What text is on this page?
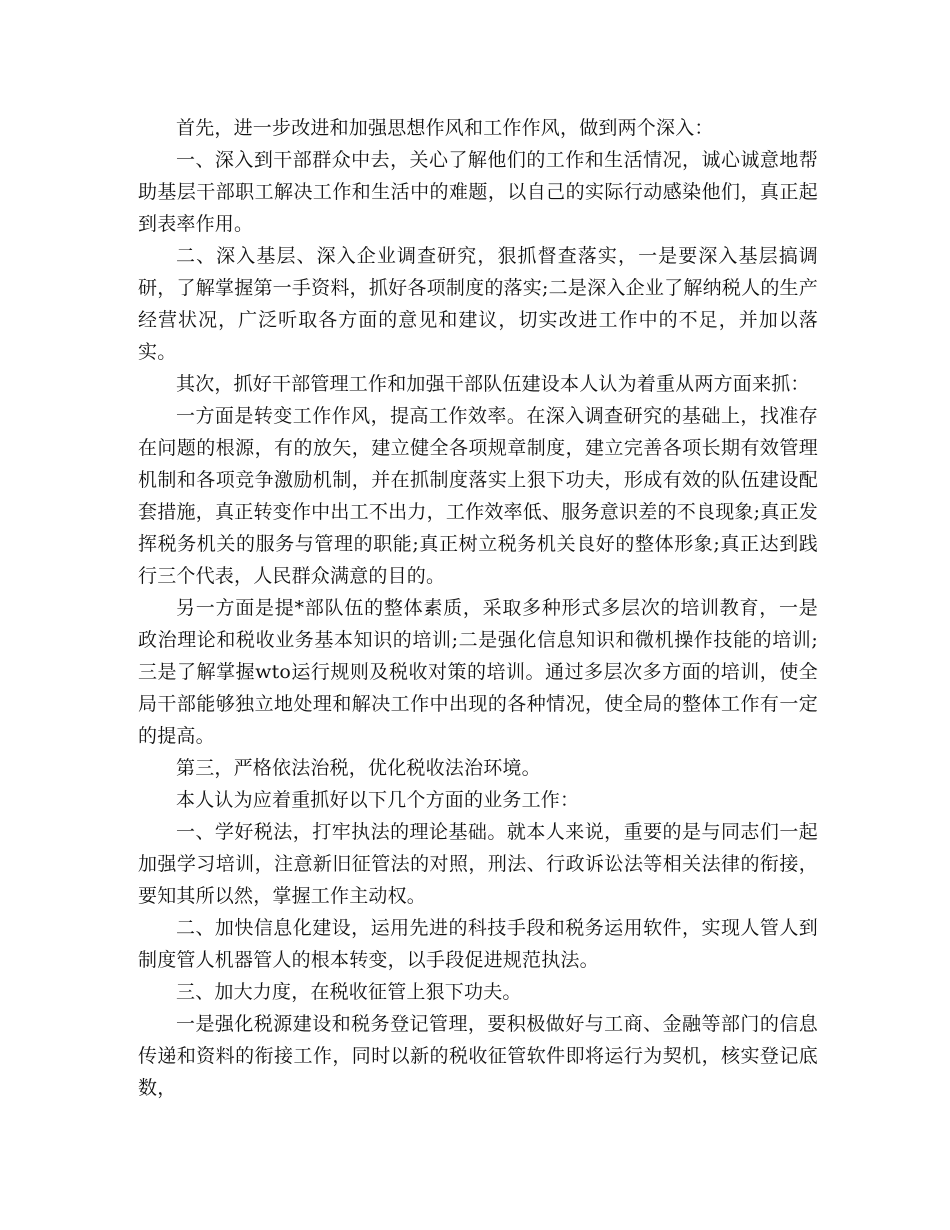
首先，进一步改进和加强思想作风和工作作风，做到两个深入：

一、深入到干部群众中去，关心了解他们的工作和生活情况，诚心诚意地帮助基层干部职工解决工作和生活中的难题，以自己的实际行动感染他们，真正起到表率作用。

二、深入基层、深入企业调查研究，狠抓督查落实，一是要深入基层搞调研，了解掌握第一手资料，抓好各项制度的落实;二是深入企业了解纳税人的生产经营状况，广泛听取各方面的意见和建议，切实改进工作中的不足，并加以落实。

其次，抓好干部管理工作和加强干部队伍建设本人认为着重从两方面来抓：

一方面是转变工作作风，提高工作效率。在深入调查研究的基础上，找准存在问题的根源，有的放矢，建立健全各项规章制度，建立完善各项长期有效管理机制和各项竞争激励机制，并在抓制度落实上狠下功夫，形成有效的队伍建设配套措施，真正转变作中出工不出力，工作效率低、服务意识差的不良现象;真正发挥税务机关的服务与管理的职能;真正树立税务机关良好的整体形象;真正达到践行三个代表，人民群众满意的目的。

另一方面是提*部队伍的整体素质，采取多种形式多层次的培训教育，一是政治理论和税收业务基本知识的培训;二是强化信息知识和微机操作技能的培训;三是了解掌握wto运行规则及税收对策的培训。通过多层次多方面的培训，使全局干部能够独立地处理和解决工作中出现的各种情况，使全局的整体工作有一定的提高。

第三，严格依法治税，优化税收法治环境。

本人认为应着重抓好以下几个方面的业务工作：

一、学好税法，打牢执法的理论基础。就本人来说，重要的是与同志们一起加强学习培训，注意新旧征管法的对照，刑法、行政诉讼法等相关法律的衔接，要知其所以然，掌握工作主动权。

二、加快信息化建设，运用先进的科技手段和税务运用软件，实现人管人到制度管人机器管人的根本转变，以手段促进规范执法。

三、加大力度，在税收征管上狠下功夫。

一是强化税源建设和税务登记管理，要积极做好与工商、金融等部门的信息传递和资料的衔接工作，同时以新的税收征管软件即将运行为契机，核实登记底数，
